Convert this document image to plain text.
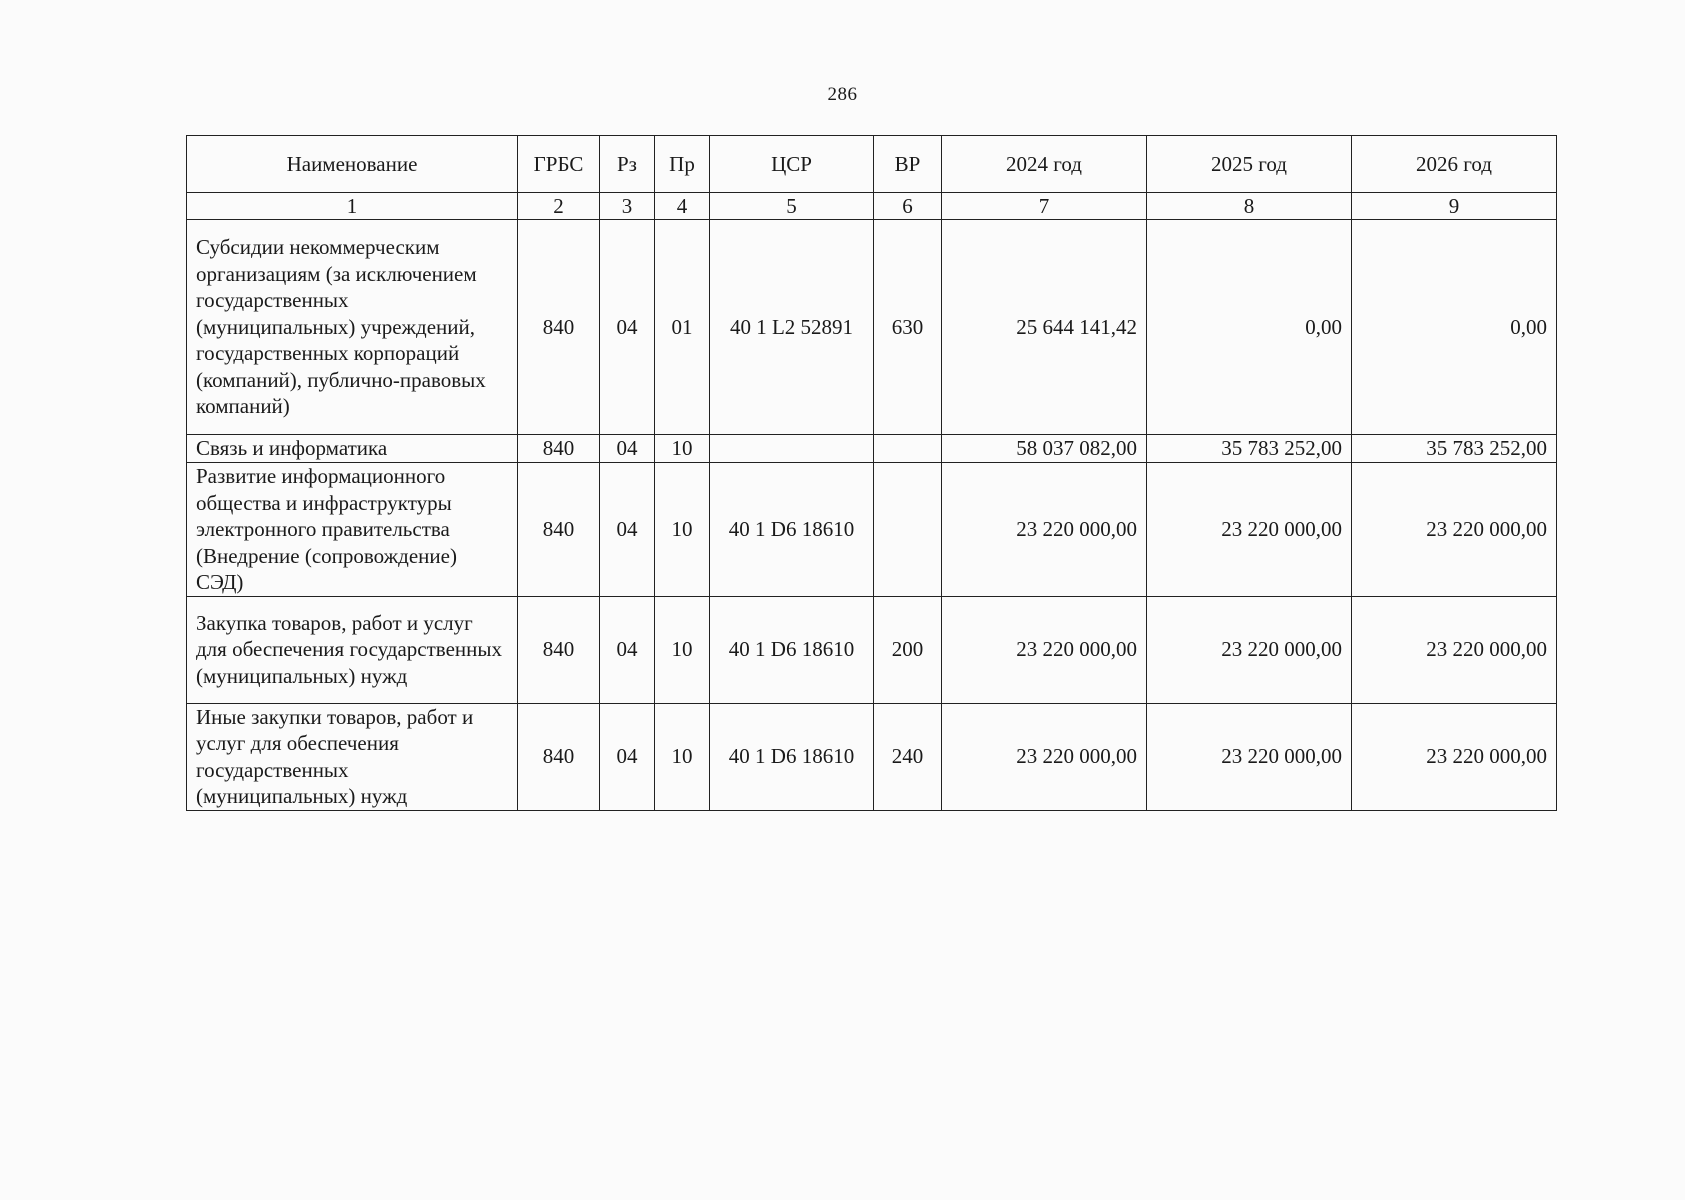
286
Наименование	ГРБС	Рз	Пр	ЦСР	ВР	2024 год	2025 год	2026 год
1	2	3	4	5	6	7	8	9
Субсидии некоммерческим организациям (за исключением государственных (муниципальных) учреждений, государственных корпораций (компаний), публично-правовых компаний)	840	04	01	40 1 L2 52891	630	25 644 141,42	0,00	0,00
Связь и информатика	840	04	10			58 037 082,00	35 783 252,00	35 783 252,00
Развитие информационного общества и инфраструктуры электронного правительства (Внедрение (сопровождение) СЭД)	840	04	10	40 1 D6 18610		23 220 000,00	23 220 000,00	23 220 000,00
Закупка товаров, работ и услуг для обеспечения государственных (муниципальных) нужд	840	04	10	40 1 D6 18610	200	23 220 000,00	23 220 000,00	23 220 000,00
Иные закупки товаров, работ и услуг для обеспечения государственных (муниципальных) нужд	840	04	10	40 1 D6 18610	240	23 220 000,00	23 220 000,00	23 220 000,00
